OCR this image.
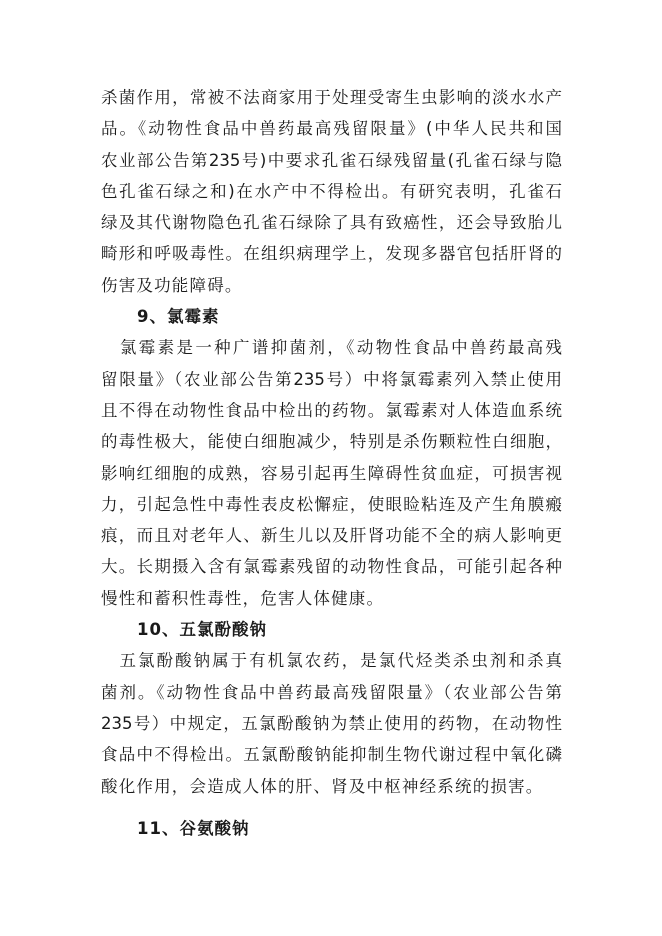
杀菌作用，常被不法商家用于处理受寄生虫影响的淡水水产
品。《动物性食品中兽药最高残留限量》(中华人民共和国
农业部公告第235号)中要求孔雀石绿残留量(孔雀石绿与隐
色孔雀石绿之和)在水产中不得检出。有研究表明，孔雀石
绿及其代谢物隐色孔雀石绿除了具有致癌性，还会导致胎儿
畸形和呼吸毒性。在组织病理学上，发现多器官包括肝肾的
伤害及功能障碍。
9、氯霉素
　氯霉素是一种广谱抑菌剂，《动物性食品中兽药最高残
留限量》（农业部公告第235号）中将氯霉素列入禁止使用
且不得在动物性食品中检出的药物。氯霉素对人体造血系统
的毒性极大，能使白细胞减少，特别是杀伤颗粒性白细胞，
影响红细胞的成熟，容易引起再生障碍性贫血症，可损害视
力，引起急性中毒性表皮松懈症，使眼睑粘连及产生角膜瘢
痕，而且对老年人、新生儿以及肝肾功能不全的病人影响更
大。长期摄入含有氯霉素残留的动物性食品，可能引起各种
慢性和蓄积性毒性，危害人体健康。
10、五氯酚酸钠
　五氯酚酸钠属于有机氯农药，是氯代烃类杀虫剂和杀真
菌剂。《动物性食品中兽药最高残留限量》（农业部公告第
235号）中规定，五氯酚酸钠为禁止使用的药物，在动物性
食品中不得检出。五氯酚酸钠能抑制生物代谢过程中氧化磷
酸化作用，会造成人体的肝、肾及中枢神经系统的损害。
11、谷氨酸钠
